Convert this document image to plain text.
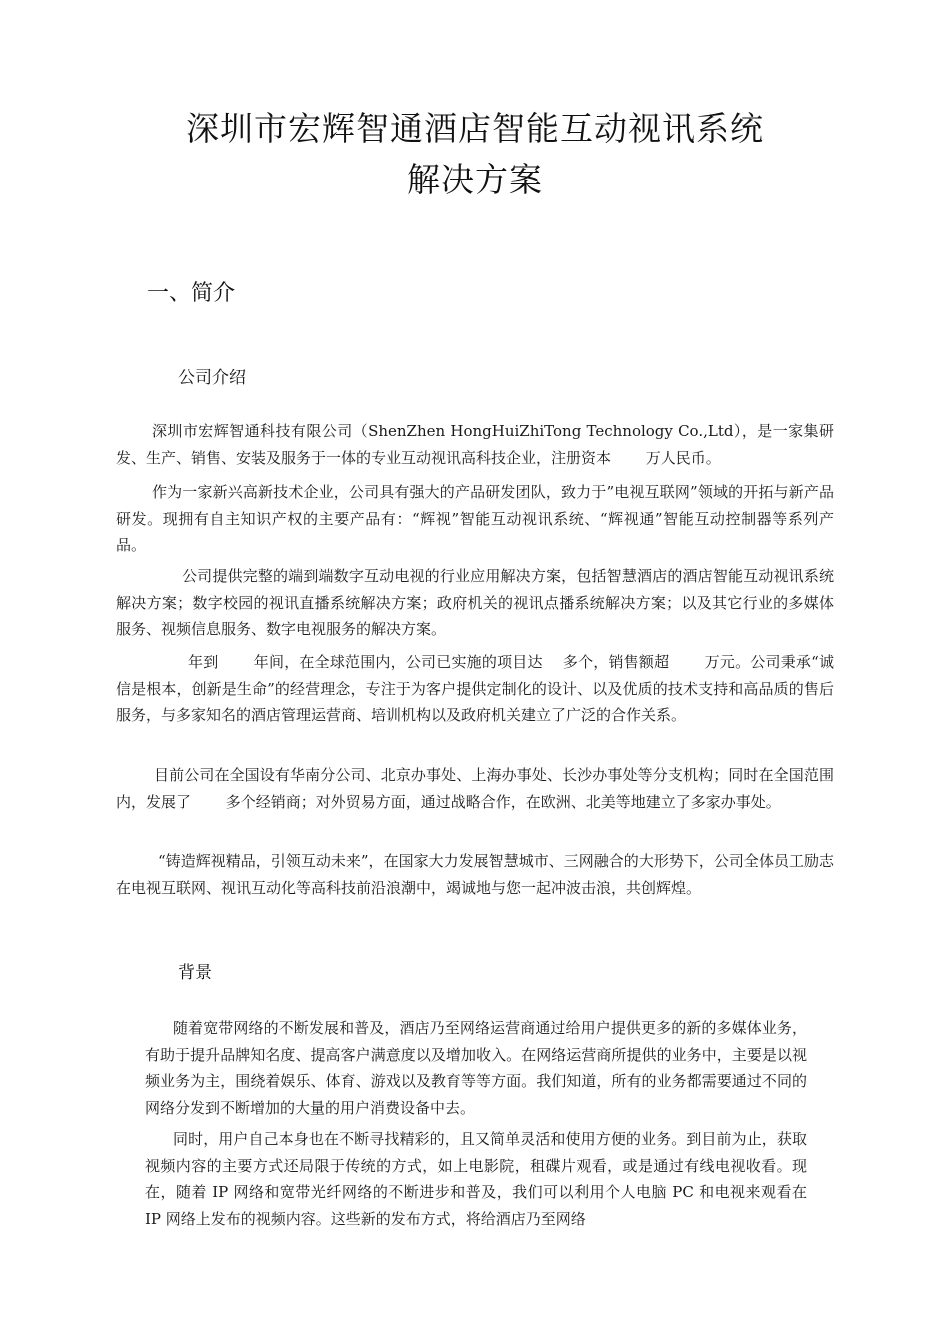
深圳市宏辉智通酒店智能互动视讯系统
解决方案
一、简介
公司介绍
深圳市宏辉智通科技有限公司（ShenZhen HongHuiZhiTong Technology Co.,Ltd），是一家集研发、生产、销售、安装及服务于一体的专业互动视讯高科技企业，注册资本 　　万人民币。
作为一家新兴高新技术企业，公司具有强大的产品研发团队，致力于”电视互联网”领域的开拓与新产品研发。现拥有自主知识产权的主要产品有：“辉视”智能互动视讯系统、“辉视通”智能互动控制器等系列产品。
公司提供完整的端到端数字互动电视的行业应用解决方案，包括智慧酒店的酒店智能互动视讯系统解决方案；数字校园的视讯直播系统解决方案；政府机关的视讯点播系统解决方案；以及其它行业的多媒体服务、视频信息服务、数字电视服务的解决方案。
年到 　　年间，在全球范围内，公司已实施的项目达 　多个，销售额超 　　万元。公司秉承“诚信是根本，创新是生命”的经营理念，专注于为客户提供定制化的设计、以及优质的技术支持和高品质的售后服务，与多家知名的酒店管理运营商、培训机构以及政府机关建立了广泛的合作关系。
目前公司在全国设有华南分公司、北京办事处、上海办事处、长沙办事处等分支机构；同时在全国范围内，发展了 　　多个经销商；对外贸易方面，通过战略合作，在欧洲、北美等地建立了多家办事处。
“铸造辉视精品，引领互动未来”，在国家大力发展智慧城市、三网融合的大形势下，公司全体员工励志在电视互联网、视讯互动化等高科技前沿浪潮中，竭诚地与您一起冲波击浪，共创辉煌。
背景
随着宽带网络的不断发展和普及，酒店乃至网络运营商通过给用户提供更多的新的多媒体业务，有助于提升品牌知名度、提高客户满意度以及增加收入。在网络运营商所提供的业务中，主要是以视频业务为主，围绕着娱乐、体育、游戏以及教育等等方面。我们知道，所有的业务都需要通过不同的网络分发到不断增加的大量的用户消费设备中去。
同时，用户自己本身也在不断寻找精彩的，且又简单灵活和使用方便的业务。到目前为止，获取视频内容的主要方式还局限于传统的方式，如上电影院，租碟片观看，或是通过有线电视收看。现在，随着 IP 网络和宽带光纤网络的不断进步和普及，我们可以利用个人电脑 PC 和电视来观看在 IP 网络上发布的视频内容。这些新的发布方式，将给酒店乃至网络
